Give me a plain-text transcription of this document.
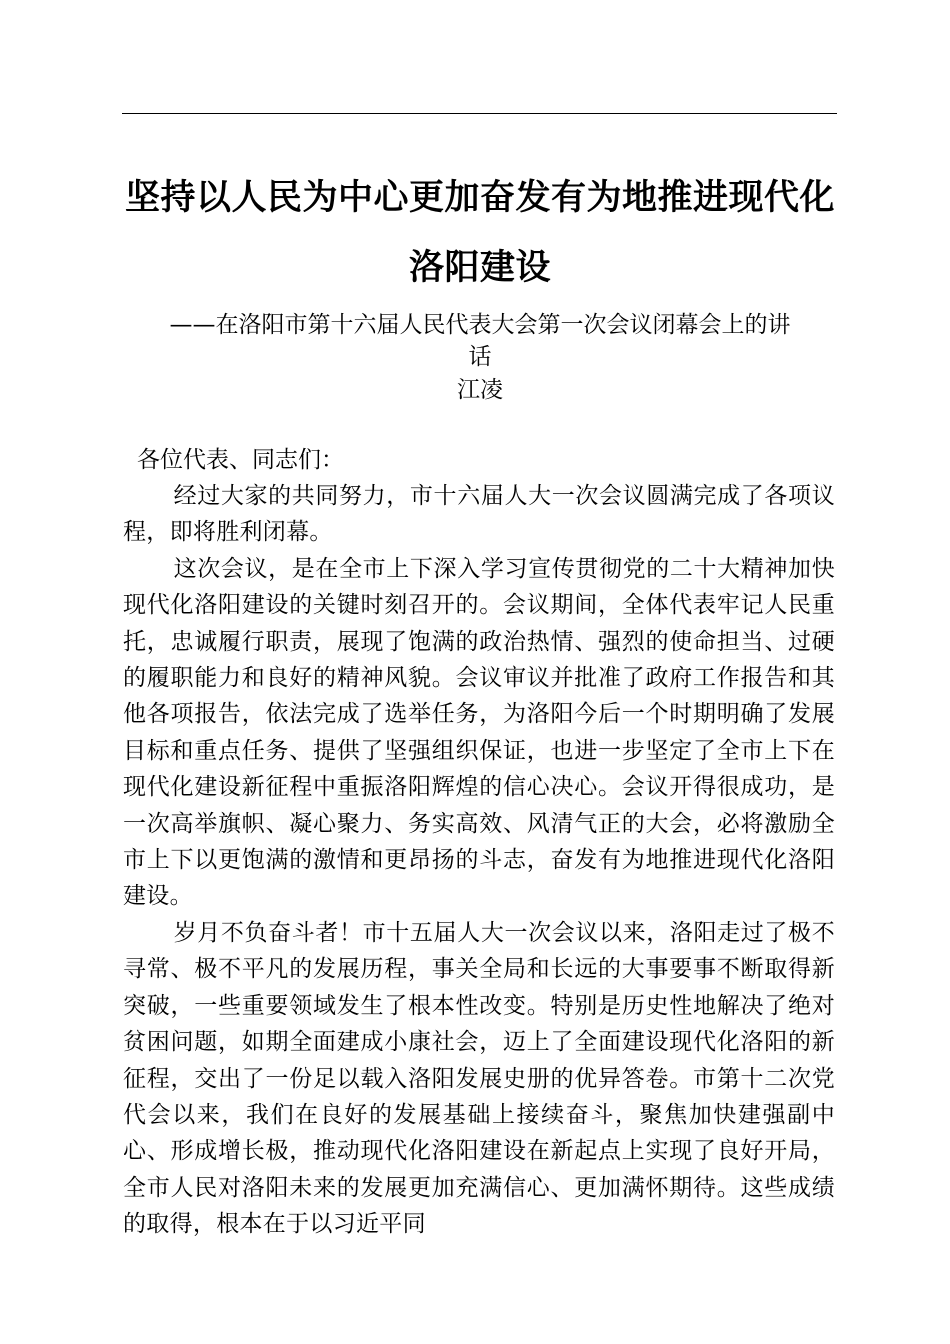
坚持以人民为中心更加奋发有为地推进现代化
洛阳建设
——在洛阳市第十六届人民代表大会第一次会议闭幕会上的讲
话
江凌
各位代表、同志们：

经过大家的共同努力，市十六届人大一次会议圆满完成了各项议程，即将胜利闭幕。

这次会议，是在全市上下深入学习宣传贯彻党的二十大精神加快现代化洛阳建设的关键时刻召开的。会议期间，全体代表牢记人民重托，忠诚履行职责，展现了饱满的政治热情、强烈的使命担当、过硬的履职能力和良好的精神风貌。会议审议并批准了政府工作报告和其他各项报告，依法完成了选举任务，为洛阳今后一个时期明确了发展目标和重点任务、提供了坚强组织保证，也进一步坚定了全市上下在现代化建设新征程中重振洛阳辉煌的信心决心。会议开得很成功，是一次高举旗帜、凝心聚力、务实高效、风清气正的大会，必将激励全市上下以更饱满的激情和更昂扬的斗志，奋发有为地推进现代化洛阳建设。

岁月不负奋斗者！市十五届人大一次会议以来，洛阳走过了极不寻常、极不平凡的发展历程，事关全局和长远的大事要事不断取得新突破，一些重要领域发生了根本性改变。特别是历史性地解决了绝对贫困问题，如期全面建成小康社会，迈上了全面建设现代化洛阳的新征程，交出了一份足以载入洛阳发展史册的优异答卷。市第十二次党代会以来，我们在良好的发展基础上接续奋斗，聚焦加快建强副中心、形成增长极，推动现代化洛阳建设在新起点上实现了良好开局，全市人民对洛阳未来的发展更加充满信心、更加满怀期待。这些成绩的取得，根本在于以习近平同
